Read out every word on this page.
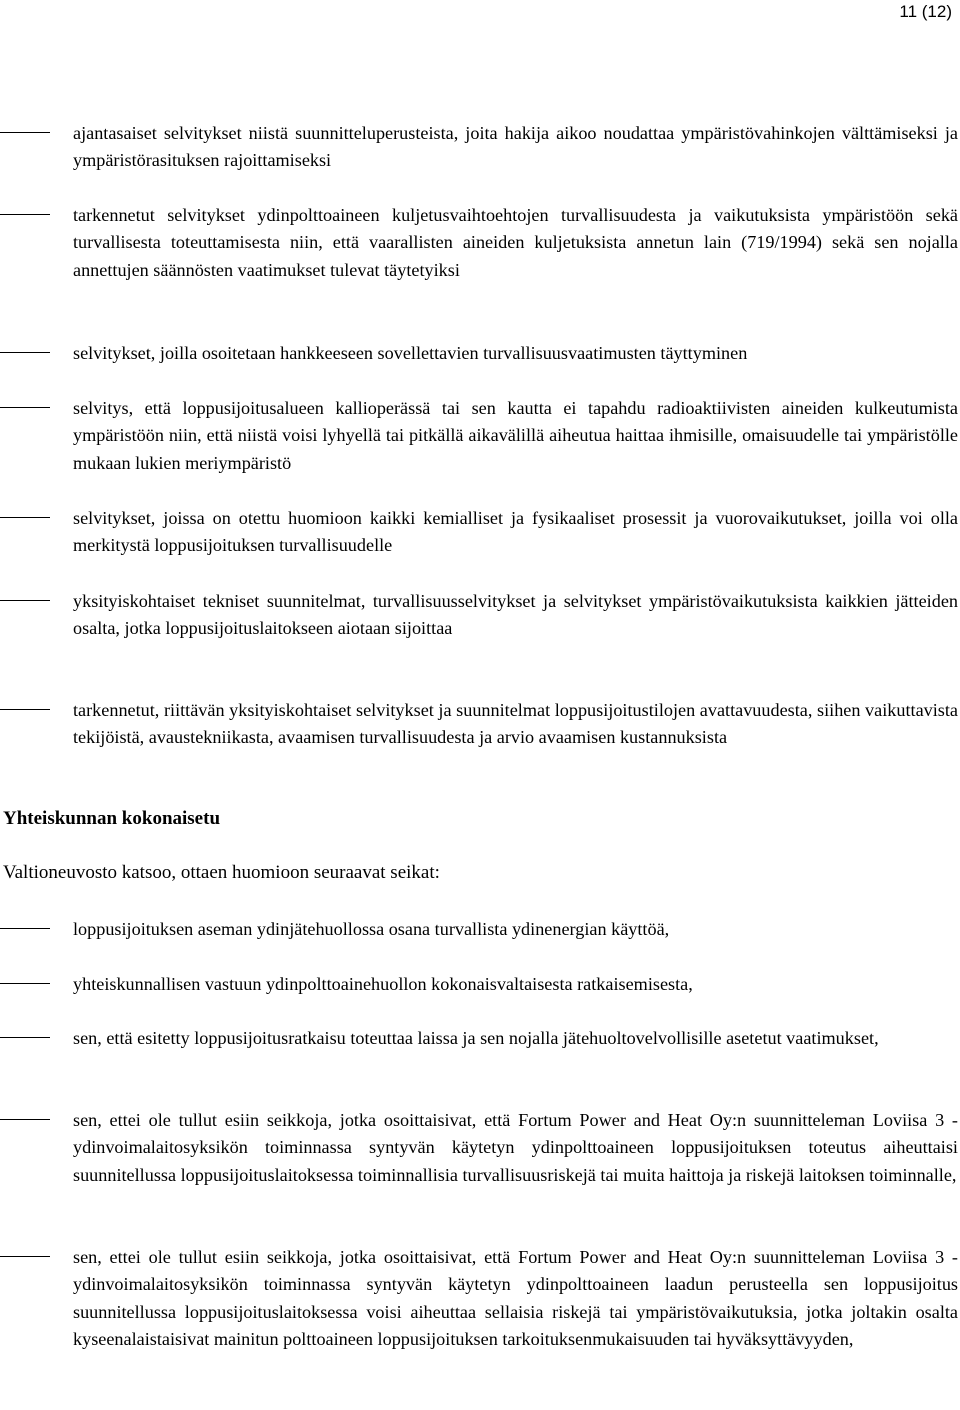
11 (12)
ajantasaiset selvitykset niistä suunnitteluperusteista, joita hakija aikoo noudattaa ympäristövahinkojen välttämiseksi ja ympäristörasituksen rajoittamiseksi
tarkennetut selvitykset ydinpolttoaineen kuljetusvaihtoehtojen turvallisuudesta ja vaikutuksista ympäristöön sekä turvallisesta toteuttamisesta niin, että vaarallisten aineiden kuljetuksista annetun lain (719/1994) sekä sen nojalla annettujen säännösten vaatimukset tulevat täytetyiksi
selvitykset, joilla osoitetaan hankkeeseen sovellettavien turvallisuusvaatimusten täyttyminen
selvitys, että loppusijoitusalueen kallioperässä tai sen kautta ei tapahdu radioaktiivisten aineiden kulkeutumista ympäristöön niin, että niistä voisi lyhyellä tai pitkällä aikavälillä aiheutua haittaa ihmisille, omaisuudelle tai ympäristölle mukaan lukien meriympäristö
selvitykset, joissa on otettu huomioon kaikki kemialliset ja fysikaaliset prosessit ja vuorovaikutukset, joilla voi olla merkitystä loppusijoituksen turvallisuudelle
yksityiskohtaiset tekniset suunnitelmat, turvallisuusselvitykset ja selvitykset ympäristövaikutuksista kaikkien jätteiden osalta, jotka loppusijoituslaitokseen aiotaan sijoittaa
tarkennetut, riittävän yksityiskohtaiset selvitykset ja suunnitelmat loppusijoitustilojen avattavuudesta, siihen vaikuttavista tekijöistä, avaustekniikasta, avaamisen turvallisuudesta ja arvio avaamisen kustannuksista
Yhteiskunnan kokonaisetu
Valtioneuvosto katsoo, ottaen huomioon seuraavat seikat:
loppusijoituksen aseman ydinjätehuollossa osana turvallista ydinenergian käyttöä,
yhteiskunnallisen vastuun ydinpolttoainehuollon kokonaisvaltaisesta ratkaisemisesta,
sen, että esitetty loppusijoitusratkaisu toteuttaa laissa ja sen nojalla jätehuoltovelvollisille asetetut vaatimukset,
sen, ettei ole tullut esiin seikkoja, jotka osoittaisivat, että Fortum Power and Heat Oy:n suunnitteleman Loviisa 3 -ydinvoimalaitosyksikön toiminnassa syntyvän käytetyn ydinpolttoaineen loppusijoituksen toteutus aiheuttaisi suunnitellussa loppusijoituslaitoksessa toiminnallisia turvallisuusriskejä tai muita haittoja ja riskejä laitoksen toiminnalle,
sen, ettei ole tullut esiin seikkoja, jotka osoittaisivat, että Fortum Power and Heat Oy:n suunnitteleman Loviisa 3 -ydinvoimalaitosyksikön toiminnassa syntyvän käytetyn ydinpolttoaineen laadun perusteella sen loppusijoitus suunnitellussa loppusijoituslaitoksessa voisi aiheuttaa sellaisia riskejä tai ympäristövaikutuksia, jotka joltakin osalta kyseenalaistaisivat mainitun polttoaineen loppusijoituksen tarkoituksenmukaisuuden tai hyväksyttävyyden,
